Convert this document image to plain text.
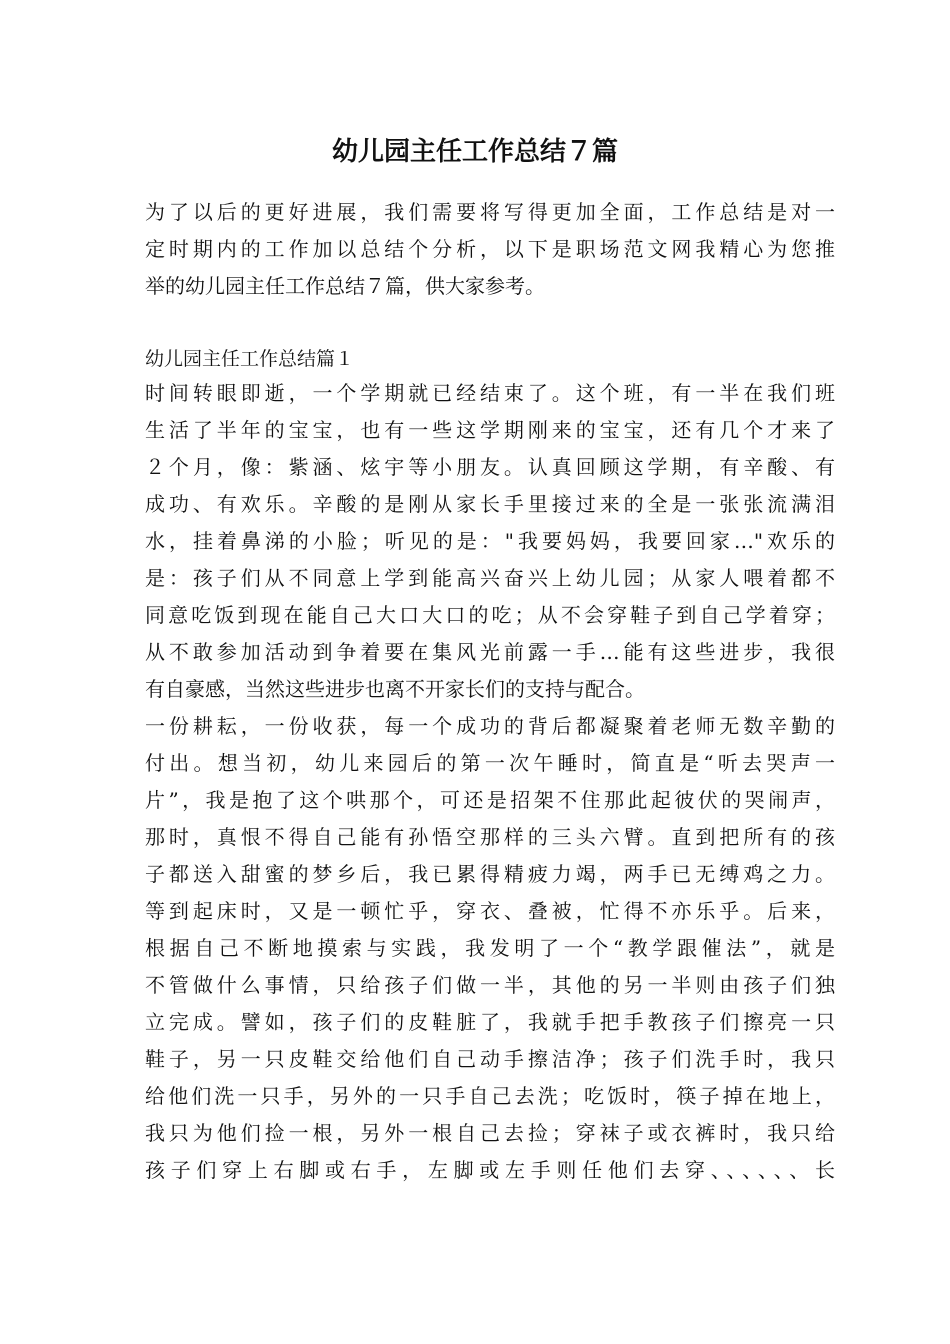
幼儿园主任工作总结７篇
为了以后的更好进展，我们需要将写得更加全面，工作总结是对一
定时期内的工作加以总结个分析，以下是职场范文网我精心为您推
举的幼儿园主任工作总结７篇，供大家参考。
幼儿园主任工作总结篇１
时间转眼即逝，一个学期就已经结束了。这个班，有一半在我们班
生活了半年的宝宝，也有一些这学期刚来的宝宝，还有几个才来了
２个月，像：紫涵、炫宇等小朋友。认真回顾这学期，有辛酸、有
成功、有欢乐。辛酸的是刚从家长手里接过来的全是一张张流满泪
水，挂着鼻涕的小脸；听见的是："我要妈妈，我要回家…"欢乐的
是：孩子们从不同意上学到能高兴奋兴上幼儿园；从家人喂着都不
同意吃饭到现在能自己大口大口的吃；从不会穿鞋子到自己学着穿；
从不敢参加活动到争着要在集风光前露一手…能有这些进步，我很
有自豪感，当然这些进步也离不开家长们的支持与配合。
一份耕耘，一份收获，每一个成功的背后都凝聚着老师无数辛勤的
付出。想当初，幼儿来园后的第一次午睡时，简直是“听去哭声一
片”，我是抱了这个哄那个，可还是招架不住那此起彼伏的哭闹声，
那时，真恨不得自己能有孙悟空那样的三头六臂。直到把所有的孩
子都送入甜蜜的梦乡后，我已累得精疲力竭，两手已无缚鸡之力。
等到起床时，又是一顿忙乎，穿衣、叠被，忙得不亦乐乎。后来，
根据自己不断地摸索与实践，我发明了一个“教学跟催法”，就是
不管做什么事情，只给孩子们做一半，其他的另一半则由孩子们独
立完成。譬如，孩子们的皮鞋脏了，我就手把手教孩子们擦亮一只
鞋子，另一只皮鞋交给他们自己动手擦洁净；孩子们洗手时，我只
给他们洗一只手，另外的一只手自己去洗；吃饭时，筷子掉在地上，
我只为他们捡一根，另外一根自己去捡；穿袜子或衣裤时，我只给
孩子们穿上右脚或右手，左脚或左手则任他们去穿、、、、、、长
